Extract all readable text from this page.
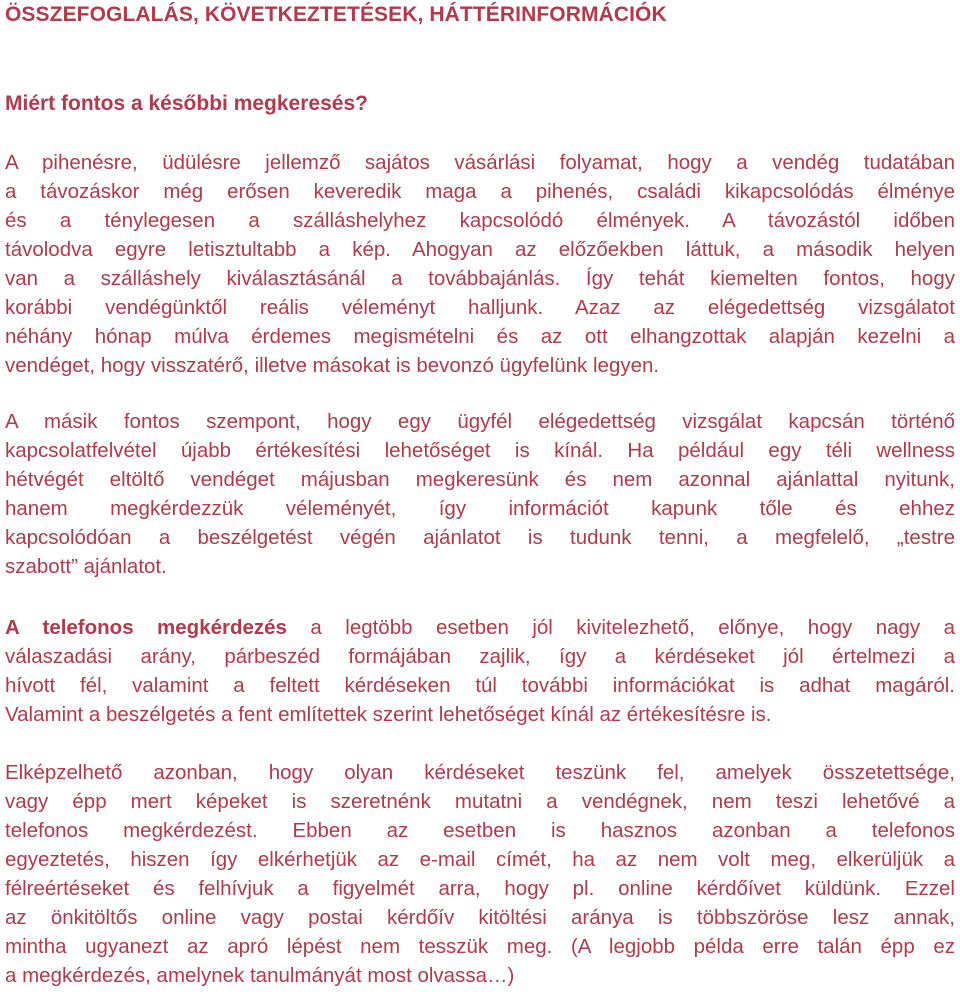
ÖSSZEFOGLALÁS, KÖVETKEZTETÉSEK, HÁTTÉRINFORMÁCIÓK
Miért fontos a későbbi megkeresés?
A pihenésre, üdülésre jellemző sajátos vásárlási folyamat, hogy a vendég tudatában
a távozáskor még erősen keveredik maga a pihenés, családi kikapcsolódás élménye
és a ténylegesen a szálláshelyhez kapcsolódó élmények. A távozástól időben
távolodva egyre letisztultabb a kép. Ahogyan az előzőekben láttuk, a második helyen
van a szálláshely kiválasztásánál a továbbajánlás. Így tehát kiemelten fontos, hogy
korábbi vendégünktől reális véleményt halljunk. Azaz az elégedettség vizsgálatot
néhány hónap múlva érdemes megismételni és az ott elhangzottak alapján kezelni a
vendéget, hogy visszatérő, illetve másokat is bevonzó ügyfelünk legyen.
A másik fontos szempont, hogy egy ügyfél elégedettség vizsgálat kapcsán történő
kapcsolatfelvétel újabb értékesítési lehetőséget is kínál. Ha például egy téli wellness
hétvégét eltöltő vendéget májusban megkeresünk és nem azonnal ajánlattal nyitunk,
hanem megkérdezzük véleményét, így információt kapunk tőle és ehhez
kapcsolódóan a beszélgetést végén ajánlatot is tudunk tenni, a megfelelő, „testre
szabott” ajánlatot.
A telefonos megkérdezés a legtöbb esetben jól kivitelezhető, előnye, hogy nagy a
válaszadási arány, párbeszéd formájában zajlik, így a kérdéseket jól értelmezi a
hívott fél, valamint a feltett kérdéseken túl további információkat is adhat magáról.
Valamint a beszélgetés a fent említettek szerint lehetőséget kínál az értékesítésre is.
Elképzelhető azonban, hogy olyan kérdéseket teszünk fel, amelyek összetettsége,
vagy épp mert képeket is szeretnénk mutatni a vendégnek, nem teszi lehetővé a
telefonos megkérdezést. Ebben az esetben is hasznos azonban a telefonos
egyeztetés, hiszen így elkérhetjük az e-mail címét, ha az nem volt meg, elkerüljük a
félreértéseket és felhívjuk a figyelmét arra, hogy pl. online kérdőívet küldünk. Ezzel
az önkitöltős online vagy postai kérdőív kitöltési aránya is többszöröse lesz annak,
mintha ugyanezt az apró lépést nem tesszük meg. (A legjobb példa erre talán épp ez
a megkérdezés, amelynek tanulmányát most olvassa…)
